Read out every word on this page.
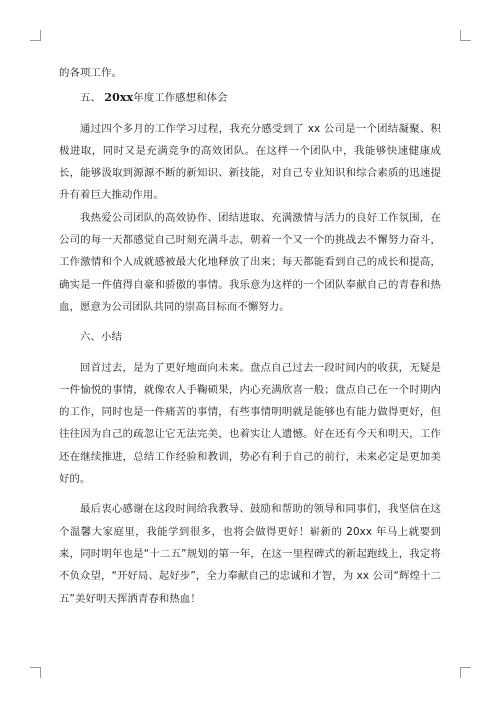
的各项工作。

五、 20xx年度工作感想和体会

通过四个多月的工作学习过程，我充分感受到了 xx 公司是一个团结凝聚、积极进取，同时又是充满竞争的高效团队。在这样一个团队中，我能够快速健康成长，能够汲取到源源不断的新知识、新技能，对自己专业知识和综合素质的迅速提升有着巨大推动作用。

我热爱公司团队的高效协作、团结进取、充满激情与活力的良好工作氛围，在公司的每一天都感觉自己时刻充满斗志，朝着一个又一个的挑战去不懈努力奋斗，工作激情和个人成就感被最大化地释放了出来；每天都能看到自己的成长和提高，确实是一件值得自豪和骄傲的事情。我乐意为这样的一个团队奉献自己的青春和热血，愿意为公司团队共同的崇高目标而不懈努力。

六、小结

回首过去，是为了更好地面向未来。盘点自己过去一段时间内的收获，无疑是一件愉悦的事情，就像农人手鞠硕果，内心充满欣喜一般；盘点自己在一个时期内的工作，同时也是一件痛苦的事情，有些事情明明就是能够也有能力做得更好，但往往因为自己的疏忽让它无法完美，也着实让人遗憾。好在还有今天和明天，工作还在继续推进，总结工作经验和教训，势必有利于自己的前行，未来必定是更加美好的。

最后衷心感谢在这段时间给我教导、鼓励和帮助的领导和同事们，我坚信在这个温馨大家庭里，我能学到很多，也将会做得更好！崭新的 20xx 年马上就要到来，同时明年也是“十二五”规划的第一年，在这一里程碑式的新起跑线上，我定将不负众望，“开好局、起好步”，全力奉献自己的忠诚和才智，为 xx 公司“辉煌十二五”美好明天挥洒青春和热血！
